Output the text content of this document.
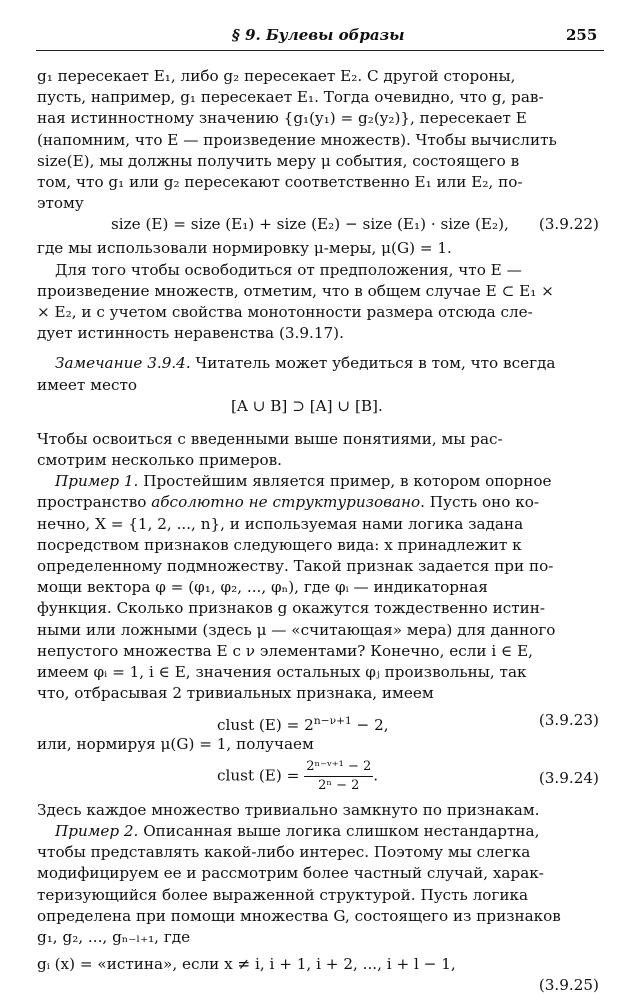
§ 9. Булевы образы	255
g₁ пересекает E₁, либо g₂ пересекает E₂. С другой стороны,
пусть, например, g₁ пересекает E₁. Тогда очевидно, что g, рав-
ная истинностному значению {g₁(y₁) = g₂(y₂)}, пересекает E
(напомним, что E — произведение множеств). Чтобы вычислить
size(E), мы должны получить меру μ события, состоящего в
том, что g₁ или g₂ пересекают соответственно E₁ или E₂, по-
этому
size (E) = size (E₁) + size (E₂) − size (E₁) · size (E₂), (3.9.22)
где мы использовали нормировку μ-меры, μ(G) = 1.
Для того чтобы освободиться от предположения, что E —
произведение множеств, отметим, что в общем случае E ⊂ E₁ ×
× E₂, и с учетом свойства монотонности размера отсюда сле-
дует истинность неравенства (3.9.17).
Замечание 3.9.4. Читатель может убедиться в том, что всегда
имеет место
[A ∪ B] ⊃ [A] ∪ [B].
Чтобы освоиться с введенными выше понятиями, мы рас-
смотрим несколько примеров.
Пример 1. Простейшим является пример, в котором опорное
пространство абсолютно не структуризовано. Пусть оно ко-
нечно, X = {1, 2, ..., n}, и используемая нами логика задана
посредством признаков следующего вида: x принадлежит к
определенному подмножеству. Такой признак задается при по-
мощи вектора φ = (φ₁, φ₂, ..., φₙ), где φᵢ — индикаторная
функция. Сколько признаков g окажутся тождественно истин-
ными или ложными (здесь μ — «считающая» мера) для данного
непустого множества E с ν элементами? Конечно, если i ∈ E,
имеем φᵢ = 1, i ∈ E, значения остальных φⱼ произвольны, так
что, отбрасывая 2 тривиальных признака, имеем
clust $(E) = 2^{n-\nu+1} - 2$,	(3.9.23)
или, нормируя μ(G) = 1, получаем
clust $(E) = \frac{\text{2ⁿ⁻ᵛ⁺¹ − 2}}{\text{2ⁿ − 2}}$ .	(3.9.24)
Здесь каждое множество тривиально замкнуто по признакам.
Пример 2. Описанная выше логика слишком нестандартна,
чтобы представлять какой-либо интерес. Поэтому мы слегка
модифицируем ее и рассмотрим более частный случай, харак-
теризующийся более выраженной структурой. Пусть логика
определена при помощи множества G, состоящего из признаков
g₁, g₂, ..., gₙ₋ₗ₊₁, где
gᵢ (x) = «истина», если x ≠ i, i + 1, i + 2, ..., i + l − 1,
(3.9.25)
